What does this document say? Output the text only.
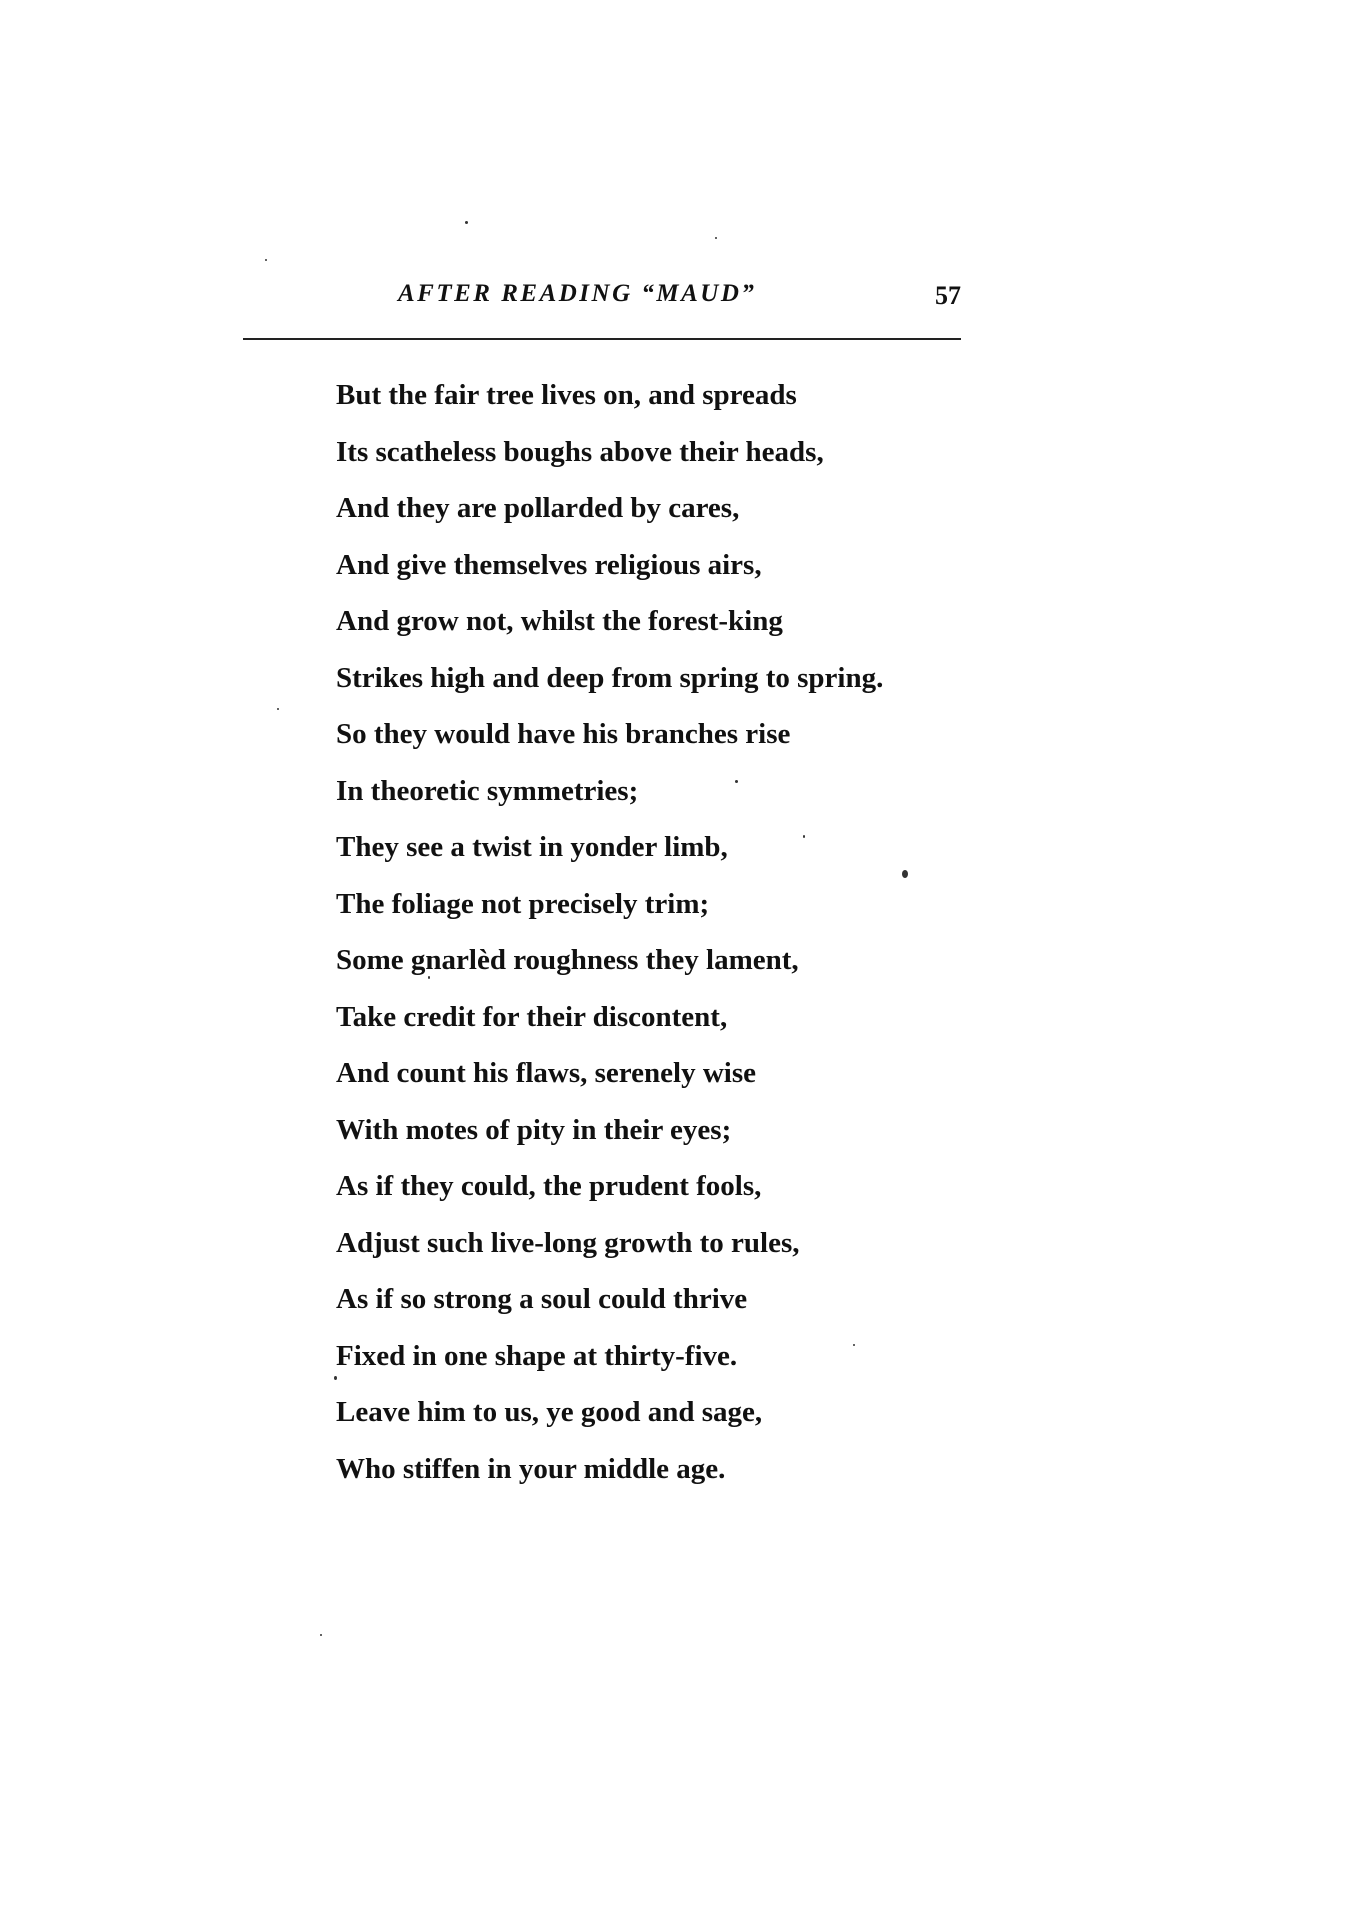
AFTER READING “MAUD”	57
But the fair tree lives on, and spreads
Its scatheless boughs above their heads,
And they are pollarded by cares,
And give themselves religious airs,
And grow not, whilst the forest-king
Strikes high and deep from spring to spring.
So they would have his branches rise
In theoretic symmetries;
They see a twist in yonder limb,
The foliage not precisely trim;
Some gnarlèd roughness they lament,
Take credit for their discontent,
And count his flaws, serenely wise
With motes of pity in their eyes;
As if they could, the prudent fools,
Adjust such live-long growth to rules,
As if so strong a soul could thrive
Fixed in one shape at thirty-five.
Leave him to us, ye good and sage,
Who stiffen in your middle age.
